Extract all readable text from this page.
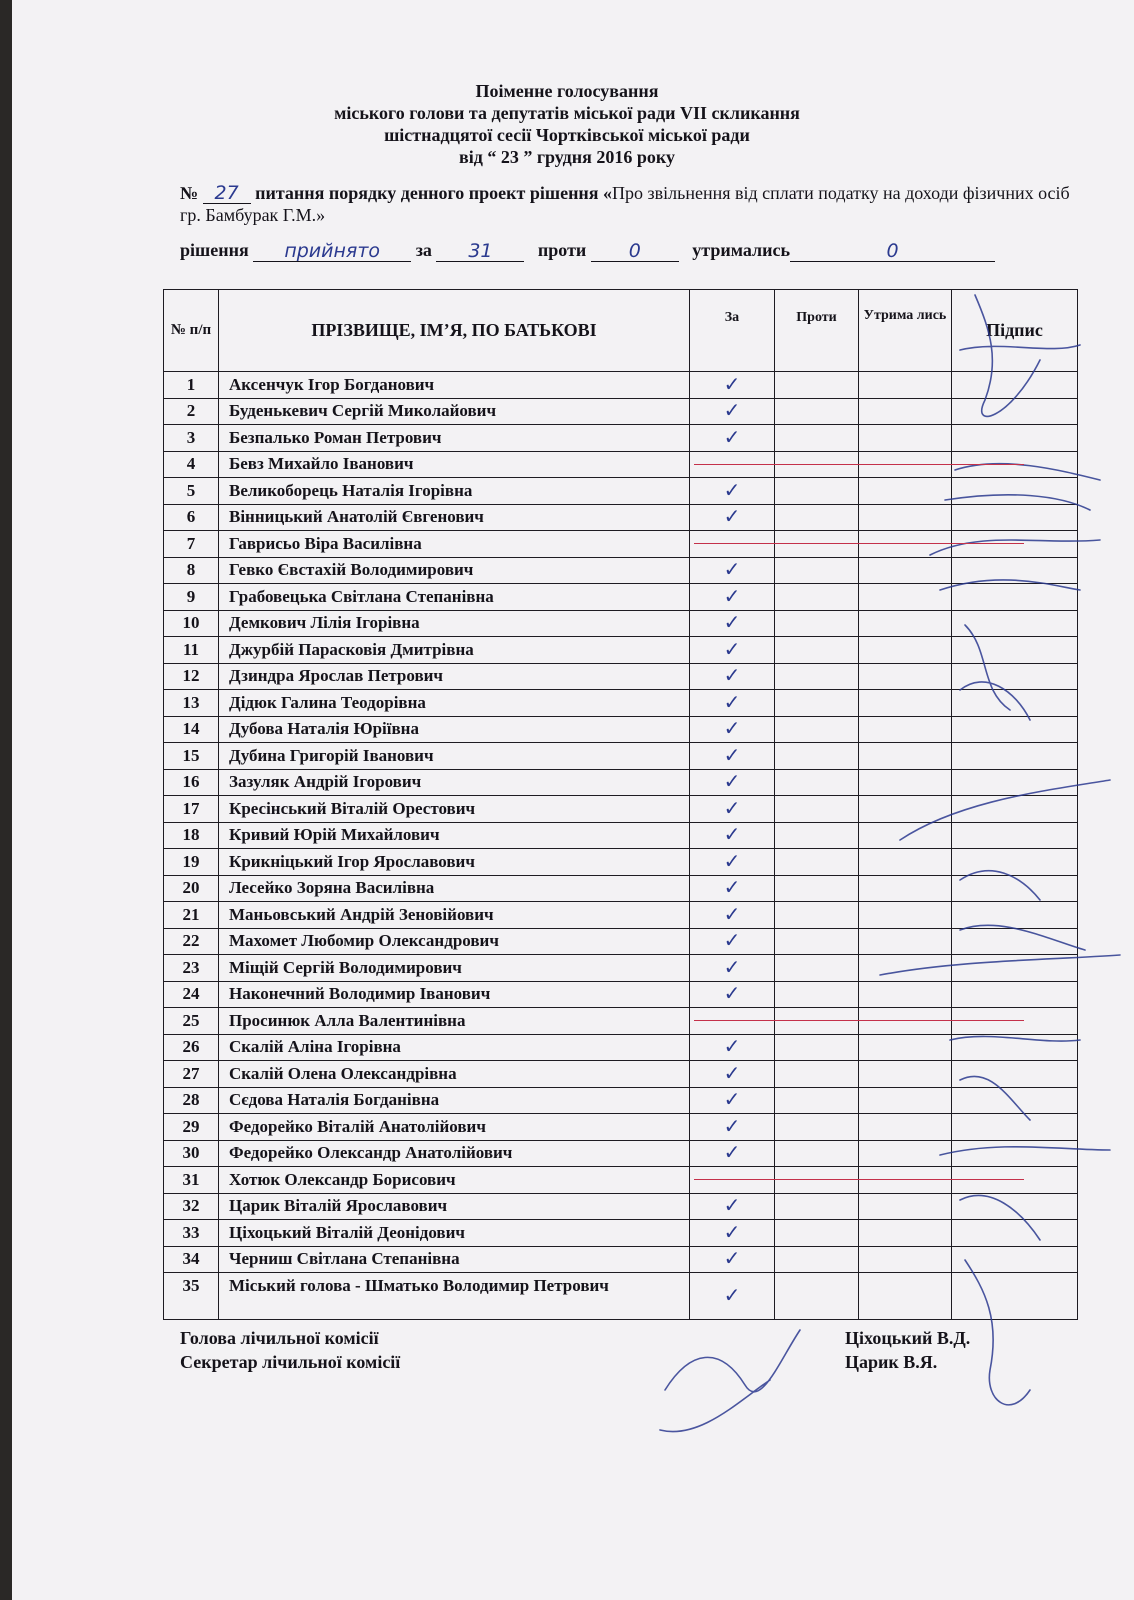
Поіменне голосування
міського голови та депутатів міської ради VII скликання
шістнадцятої сесії Чортківської міської ради
від “ 23 ” грудня 2016 року
№ 27 питання порядку денного проект рішення «Про звільнення від сплати податку на доходи фізичних осіб гр. Бамбурак Г.М.»
рішення прийнято за 31	проти 0	утримались	0
№ п/п	ПРІЗВИЩЕ, ІМ’Я, ПО БАТЬКОВІ	За	Проти	Утрима лись	Підпис
1	Аксенчук Ігор Богданович	✓			
2	Буденькевич Сергій Миколайович	✓			
3	Безпалько Роман Петрович	✓			
4	Бевз Михайло Іванович				
5	Великоборець Наталія Ігорівна	✓			
6	Вінницький Анатолій Євгенович	✓			
7	Гаврисьо Віра Василівна				
8	Гевко Євстахій Володимирович	✓			
9	Грабовецька Світлана Степанівна	✓			
10	Демкович Лілія Ігорівна	✓			
11	Джурбій Парасковія Дмитрівна	✓			
12	Дзиндра Ярослав Петрович	✓			
13	Дідюк Галина Теодорівна	✓			
14	Дубова Наталія Юріївна	✓			
15	Дубина Григорій Іванович	✓			
16	Зазуляк Андрій Ігорович	✓			
17	Кресінський Віталій Орестович	✓			
18	Кривий Юрій Михайлович	✓			
19	Крикніцький Ігор Ярославович	✓			
20	Лесейко Зоряна Василівна	✓			
21	Маньовський Андрій Зеновійович	✓			
22	Махомет Любомир Олександрович	✓			
23	Міщій Сергій Володимирович	✓			
24	Наконечний Володимир Іванович	✓			
25	Просинюк Алла Валентинівна				
26	Скалій Аліна Ігорівна	✓			
27	Скалій Олена Олександрівна	✓			
28	Сєдова Наталія Богданівна	✓			
29	Федорейко Віталій Анатолійович	✓			
30	Федорейко Олександр Анатолійович	✓			
31	Хотюк Олександр Борисович				
32	Царик Віталій Ярославович	✓			
33	Ціхоцький Віталій Деонідович	✓			
34	Черниш Світлана Степанівна	✓			
35	Міський голова - Шматько Володимир Петрович	✓			
Голова лічильної комісії	Ціхоцький В.Д.
Секретар лічильної комісії	Царик В.Я.
